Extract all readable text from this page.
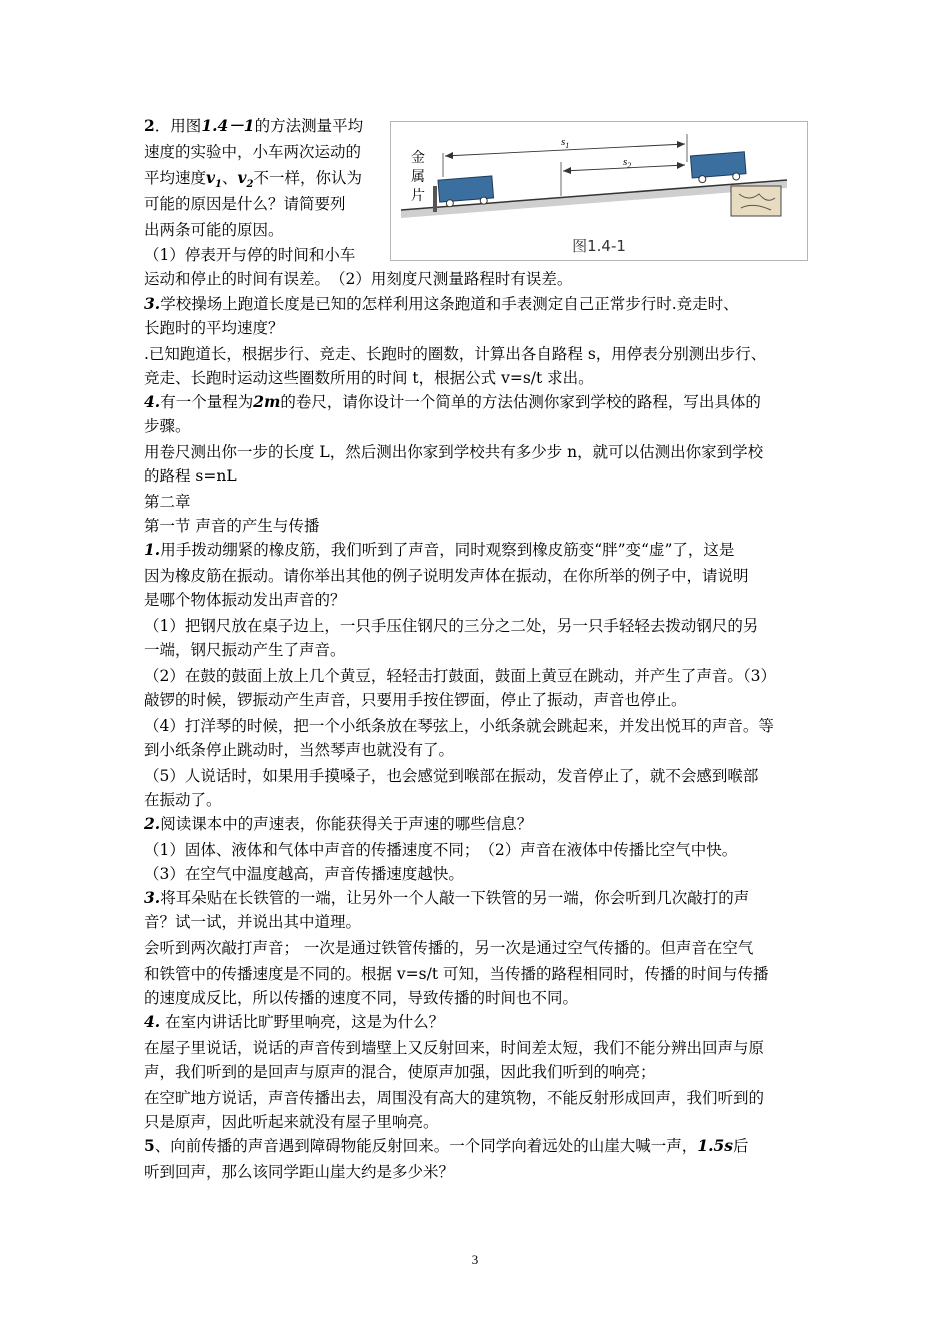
2．用图1.4－1的方法测量平均
速度的实验中，小车两次运动的
平均速度$v_1$、$v_2$不一样，你认为
可能的原因是什么？请简要列
出两条可能的原因。
（1）停表开与停的时间和小车
运动和停止的时间有误差。　（2）用刻度尺测量路程时有误差。
$s_1$
$s_2$
金
属
片
图1.4-1
3.学校操场上跑道长度是已知的怎样利用这条跑道和手表测定自己正常步行时.竞走时、
长跑时的平均速度？
.已知跑道长，根据步行、竞走、长跑时的圈数，计算出各自路程 s，用停表分别测出步行、
竞走、长跑时运动这些圈数所用的时间 t，根据公式 v=s/t 求出。
4.有一个量程为2m的卷尺，请你设计一个简单的方法估测你家到学校的路程，写出具体的
步骤。
用卷尺测出你一步的长度 L，然后测出你家到学校共有多少步 n，就可以估测出你家到学校
的路程 s=nL
第二章
第一节 声音的产生与传播
1.用手拨动绷紧的橡皮筋，我们听到了声音，同时观察到橡皮筋变“胖”变“虚”了，这是
因为橡皮筋在振动。请你举出其他的例子说明发声体在振动，在你所举的例子中，请说明
是哪个物体振动发出声音的？
（1）把钢尺放在桌子边上，一只手压住钢尺的三分之二处，另一只手轻轻去拨动钢尺的另
一端，钢尺振动产生了声音。
（2）在鼓的鼓面上放上几个黄豆，轻轻击打鼓面，鼓面上黄豆在跳动，并产生了声音。（3）
敲锣的时候，锣振动产生声音，只要用手按住锣面，停止了振动，声音也停止。
（4）打洋琴的时候，把一个小纸条放在琴弦上，小纸条就会跳起来，并发出悦耳的声音。等
到小纸条停止跳动时，当然琴声也就没有了。
（5）人说话时，如果用手摸嗓子，也会感觉到喉部在振动，发音停止了，就不会感到喉部
在振动了。
2.阅读课本中的声速表，你能获得关于声速的哪些信息？
（1）固体、液体和气体中声音的传播速度不同；　（2）声音在液体中传播比空气中快。
（3）在空气中温度越高，声音传播速度越快。
3.将耳朵贴在长铁管的一端，让另外一个人敲一下铁管的另一端，你会听到几次敲打的声
音？试一试，并说出其中道理。
会听到两次敲打声音； 一次是通过铁管传播的，另一次是通过空气传播的。但声音在空气
和铁管中的传播速度是不同的。根据 v=s/t 可知，当传播的路程相同时，传播的时间与传播
的速度成反比，所以传播的速度不同，导致传播的时间也不同。
4. 在室内讲话比旷野里响亮，这是为什么？
在屋子里说话，说话的声音传到墙壁上又反射回来，时间差太短，我们不能分辨出回声与原
声，我们听到的是回声与原声的混合，使原声加强，因此我们听到的响亮；
在空旷地方说话，声音传播出去，周围没有高大的建筑物，不能反射形成回声，我们听到的
只是原声，因此听起来就没有屋子里响亮。
5、向前传播的声音遇到障碍物能反射回来。一个同学向着远处的山崖大喊一声，1.5s后
听到回声，那么该同学距山崖大约是多少米？
3
